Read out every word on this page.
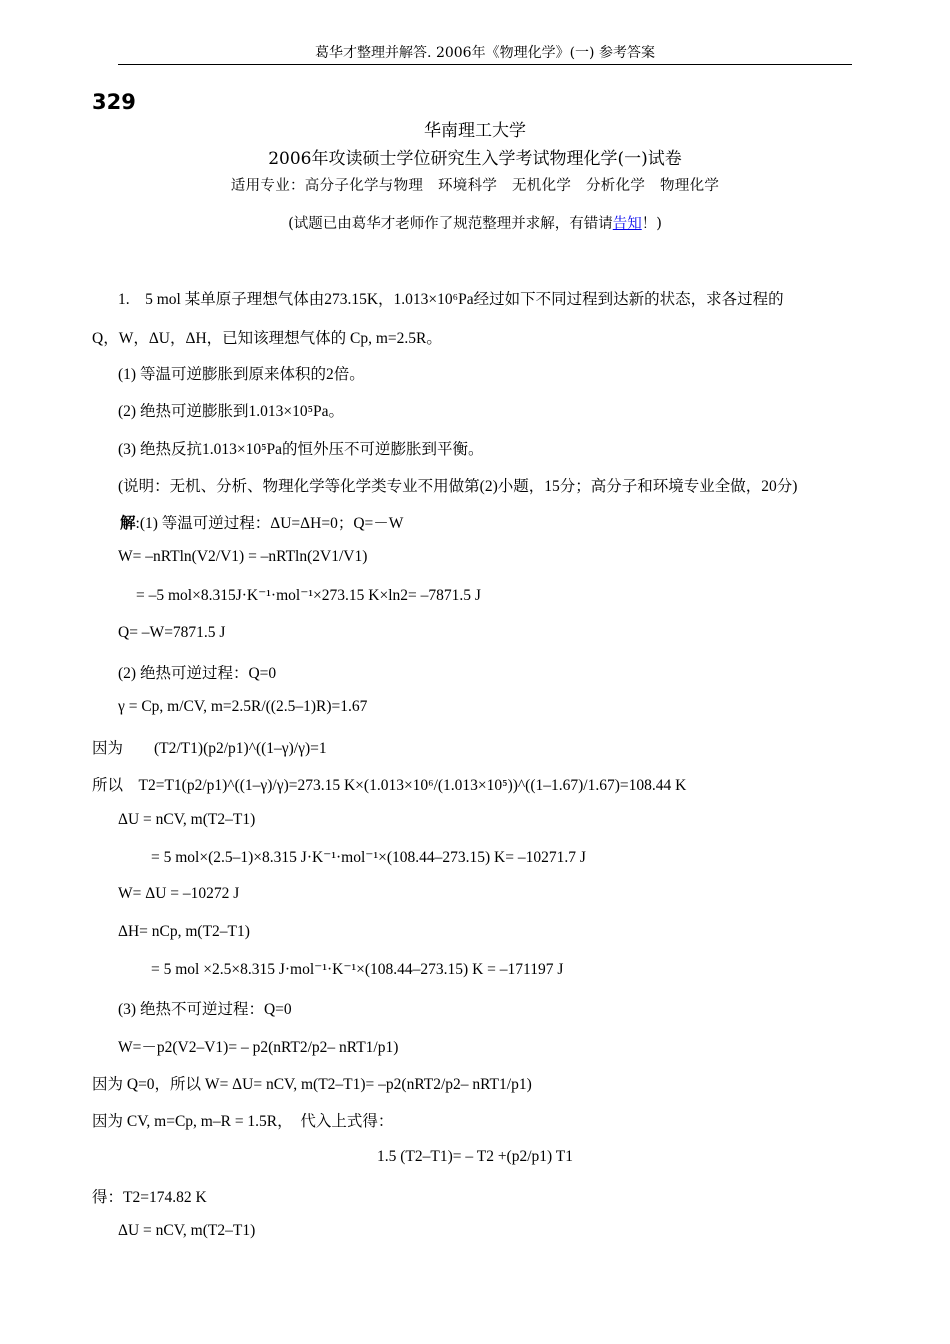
葛华才整理并解答. 2006年《物理化学》(一) 参考答案
329
华南理工大学
2006年攻读硕士学位研究生入学考试物理化学(一)试卷
适用专业：高分子化学与物理　环境科学　无机化学　分析化学　物理化学
(试题已由葛华才老师作了规范整理并求解，有错请告知！)
1.　5 mol 某单原子理想气体由273.15K，1.013×10⁶Pa经过如下不同过程到达新的状态，求各过程的
Q，W，ΔU，ΔH，已知该理想气体的 Cp, m=2.5R。
(1) 等温可逆膨胀到原来体积的2倍。
(2) 绝热可逆膨胀到1.013×10⁵Pa。
(3) 绝热反抗1.013×10⁵Pa的恒外压不可逆膨胀到平衡。
(说明：无机、分析、物理化学等化学类专业不用做第(2)小题，15分；高分子和环境专业全做，20分)
解:(1) 等温可逆过程：ΔU=ΔH=0；Q=－W
W= –nRTln(V2/V1) = –nRTln(2V1/V1)
= –5 mol×8.315J·K⁻¹·mol⁻¹×273.15 K×ln2= –7871.5 J
Q= –W=7871.5 J
(2) 绝热可逆过程：Q=0
γ = Cp, m/CV, m=2.5R/((2.5–1)R)=1.67
因为　　(T2/T1)(p2/p1)^((1–γ)/γ)=1
所以　T2=T1(p2/p1)^((1–γ)/γ)=273.15 K×(1.013×10⁶/(1.013×10⁵))^((1–1.67)/1.67)=108.44 K
ΔU = nCV, m(T2–T1)
= 5 mol×(2.5–1)×8.315 J·K⁻¹·mol⁻¹×(108.44–273.15) K= –10271.7 J
W= ΔU = –10272 J
ΔH= nCp, m(T2–T1)
= 5 mol ×2.5×8.315 J·mol⁻¹·K⁻¹×(108.44–273.15) K = –171197 J
(3) 绝热不可逆过程：Q=0
W=－p2(V2–V1)= – p2(nRT2/p2– nRT1/p1)
因为 Q=0，所以 W= ΔU= nCV, m(T2–T1)= –p2(nRT2/p2– nRT1/p1)
因为 CV, m=Cp, m–R = 1.5R，　代入上式得：
1.5 (T2–T1)= – T2 +(p2/p1) T1
得：T2=174.82 K
ΔU = nCV, m(T2–T1)
